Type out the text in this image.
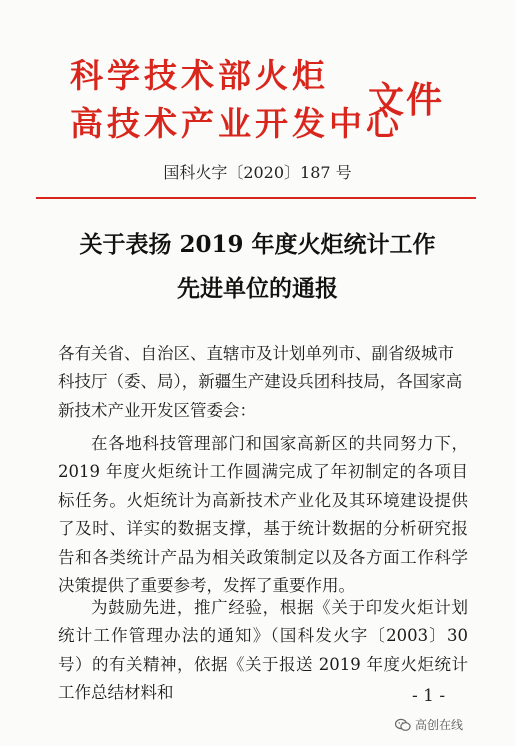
科学技术部火炬
高技术产业开发中心
文件
国科火字〔2020〕187 号
关于表扬 2019 年度火炬统计工作
先进单位的通报
各有关省、自治区、直辖市及计划单列市、副省级城市科技厅（委、局），新疆生产建设兵团科技局，各国家高新技术产业开发区管委会：
在各地科技管理部门和国家高新区的共同努力下，2019 年度火炬统计工作圆满完成了年初制定的各项目标任务。火炬统计为高新技术产业化及其环境建设提供了及时、详实的数据支撑，基于统计数据的分析研究报告和各类统计产品为相关政策制定以及各方面工作科学决策提供了重要参考，发挥了重要作用。
为鼓励先进，推广经验，根据《关于印发火炬计划统计工作管理办法的通知》（国科发火字〔2003〕30 号）的有关精神，依据《关于报送 2019 年度火炬统计工作总结材料和	- 1 -
高创在线
